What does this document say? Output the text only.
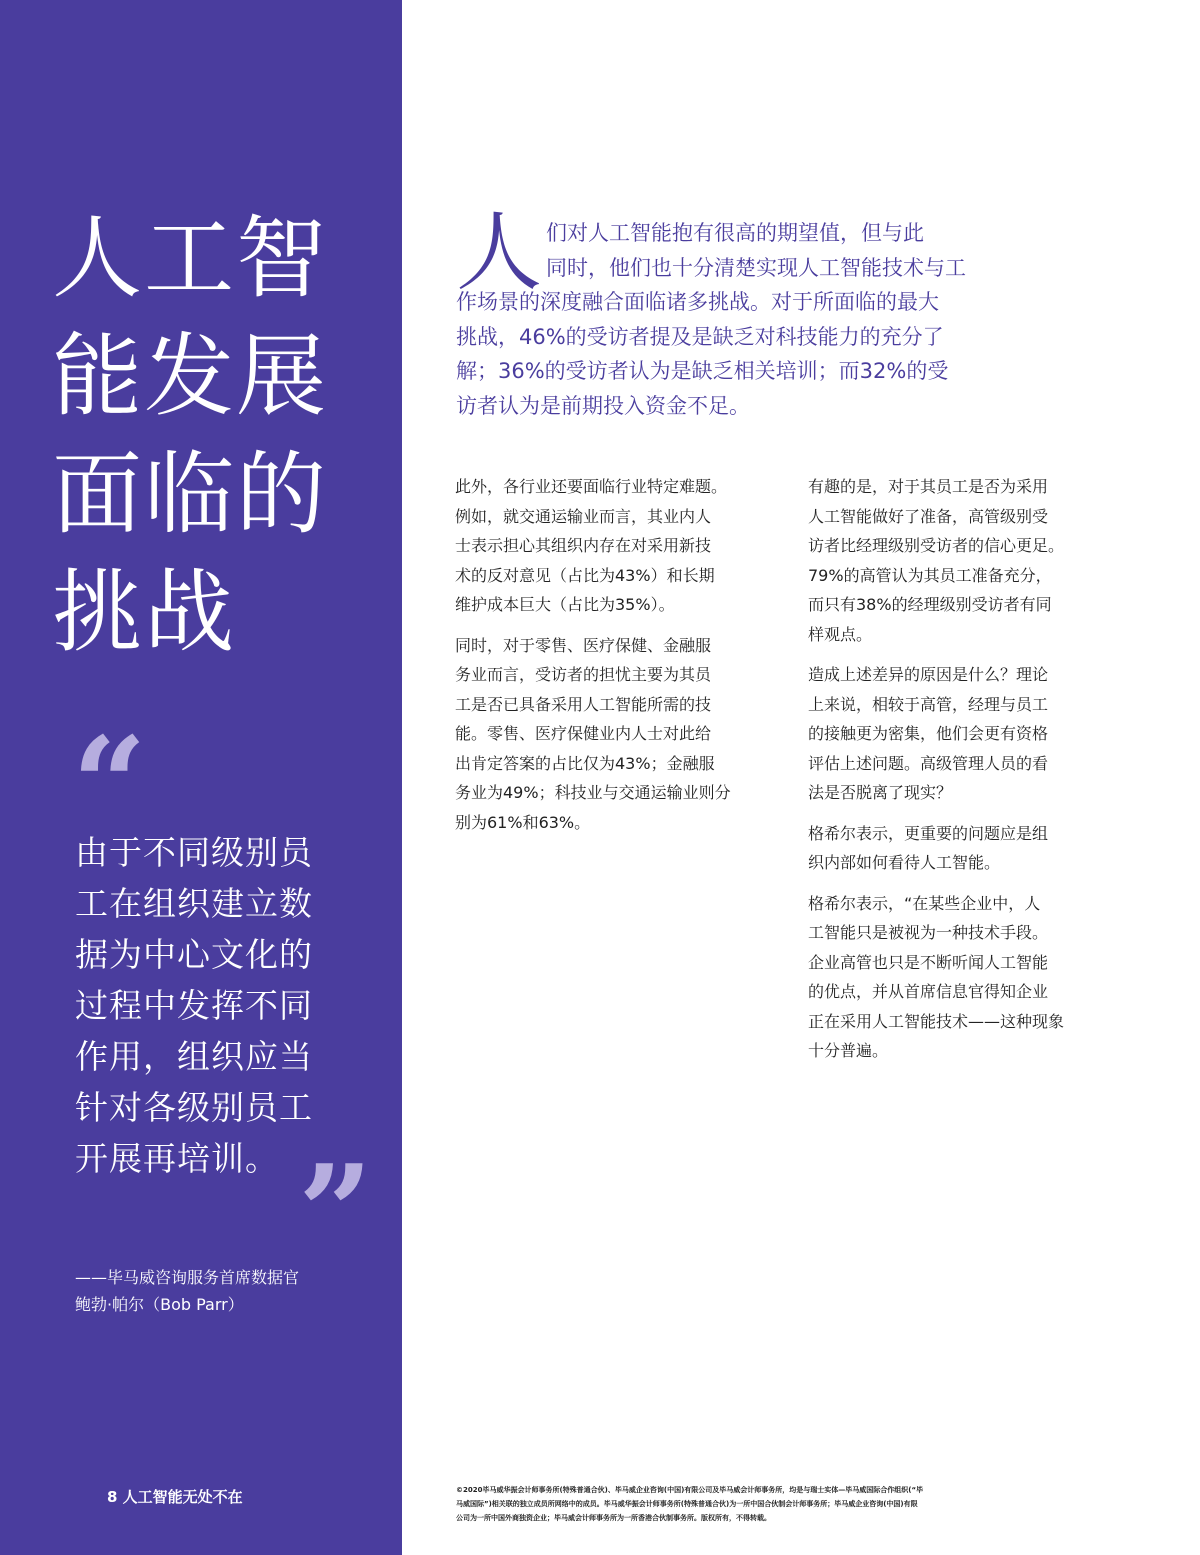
人工智
能发展
面临的
挑战
“
由于不同级别员
工在组织建立数
据为中心文化的
过程中发挥不同
作用，组织应当
针对各级别员工
开展再培训。 ”
——毕马威咨询服务首席数据官
鲍勃·帕尔（Bob Parr）
8 人工智能无处不在
人 们对人工智能抱有很高的期望值，但与此
同时，他们也十分清楚实现人工智能技术与工
作场景的深度融合面临诸多挑战。对于所面临的最大
挑战，46%的受访者提及是缺乏对科技能力的充分了
解；36%的受访者认为是缺乏相关培训；而32%的受
访者认为是前期投入资金不足。
此外，各行业还要面临行业特定难题。
例如，就交通运输业而言，其业内人
士表示担心其组织内存在对采用新技
术的反对意见（占比为43%）和长期
维护成本巨大（占比为35%）。
同时，对于零售、医疗保健、金融服
务业而言，受访者的担忧主要为其员
工是否已具备采用人工智能所需的技
能。零售、医疗保健业内人士对此给
出肯定答案的占比仅为43%；金融服
务业为49%；科技业与交通运输业则分
别为61%和63%。
有趣的是，对于其员工是否为采用
人工智能做好了准备，高管级别受
访者比经理级别受访者的信心更足。
79%的高管认为其员工准备充分，
而只有38%的经理级别受访者有同
样观点。
造成上述差异的原因是什么？理论
上来说，相较于高管，经理与员工
的接触更为密集，他们会更有资格
评估上述问题。高级管理人员的看
法是否脱离了现实？
格希尔表示，更重要的问题应是组
织内部如何看待人工智能。
格希尔表示，“在某些企业中，人
工智能只是被视为一种技术手段。
企业高管也只是不断听闻人工智能
的优点，并从首席信息官得知企业
正在采用人工智能技术——这种现象
十分普遍。
©2020毕马威华振会计师事务所(特殊普通合伙)、毕马威企业咨询(中国)有限公司及毕马威会计师事务所，均是与瑞士实体—毕马威国际合作组织(“毕
马威国际”)相关联的独立成员所网络中的成员。毕马威华振会计师事务所(特殊普通合伙)为一所中国合伙制会计师事务所；毕马威企业咨询(中国)有限
公司为一所中国外商独资企业；毕马威会计师事务所为一所香港合伙制事务所。版权所有，不得转载。
